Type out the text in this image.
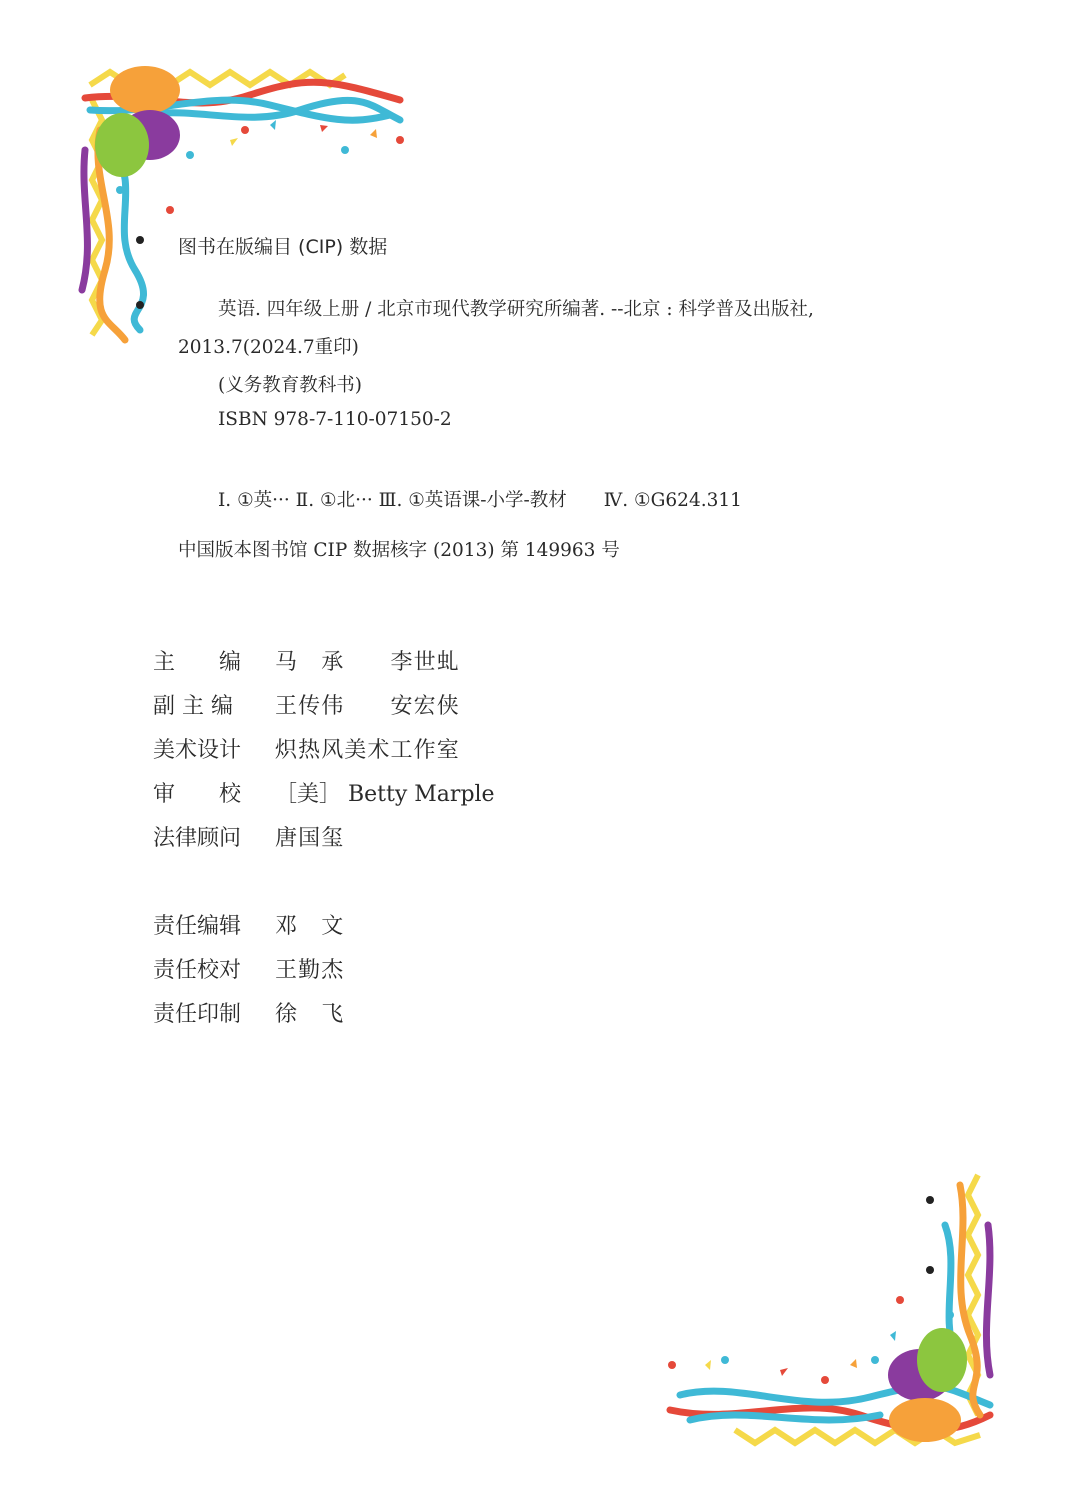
图书在版编目 (CIP) 数据
英语. 四年级上册 / 北京市现代教学研究所编著. --北京 : 科学普及出版社,
2013.7(2024.7重印)
(义务教育教科书)
ISBN 978-7-110-07150-2
Ⅰ. ①英··· Ⅱ. ①北··· Ⅲ. ①英语课-小学-教材　　Ⅳ. ①G624.311
中国版本图书馆 CIP 数据核字 (2013) 第 149963 号
主　　编	马　承　　李世虬
副 主 编	王传伟　　安宏侠
美术设计	炽热风美术工作室
审　　校	［美］ Betty Marple
法律顾问	唐国玺
责任编辑	邓　文
责任校对	王勤杰
责任印制	徐　飞
